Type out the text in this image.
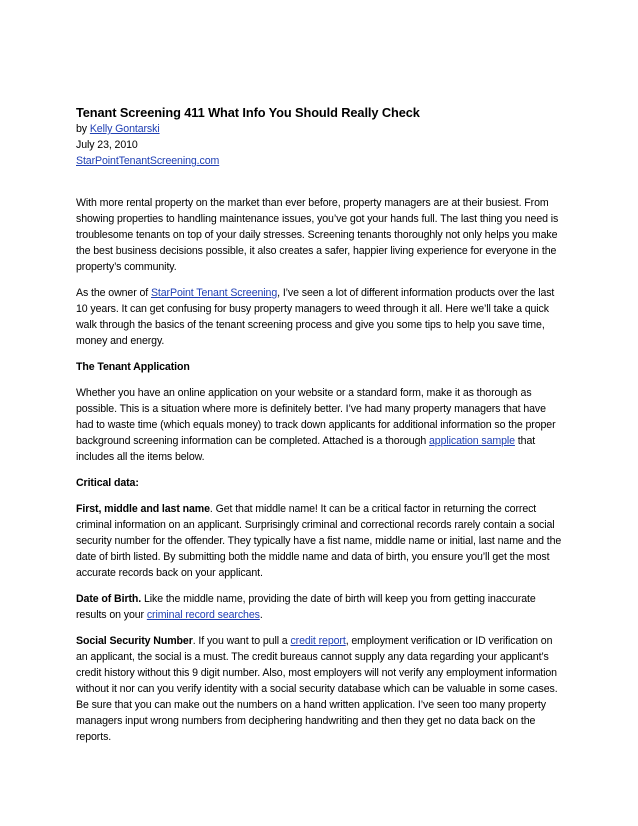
Tenant Screening 411 What Info You Should Really Check
by Kelly Gontarski
July 23, 2010
StarPointTenantScreening.com

With more rental property on the market than ever before, property managers are at their busiest. From showing properties to handling maintenance issues, you’ve got your hands full. The last thing you need is troublesome tenants on top of your daily stresses. Screening tenants thoroughly not only helps you make the best business decisions possible, it also creates a safer, happier living experience for everyone in the property’s community.

As the owner of StarPoint Tenant Screening, I’ve seen a lot of different information products over the last 10 years. It can get confusing for busy property managers to weed through it all. Here we’ll take a quick walk through the basics of the tenant screening process and give you some tips to help you save time, money and energy.

The Tenant Application

Whether you have an online application on your website or a standard form, make it as thorough as possible. This is a situation where more is definitely better. I’ve had many property managers that have had to waste time (which equals money) to track down applicants for additional information so the proper background screening information can be completed. Attached is a thorough application sample that includes all the items below.

Critical data:

First, middle and last name. Get that middle name! It can be a critical factor in returning the correct criminal information on an applicant. Surprisingly criminal and correctional records rarely contain a social security number for the offender. They typically have a fist name, middle name or initial, last name and the date of birth listed. By submitting both the middle name and data of birth, you ensure you’ll get the most accurate records back on your applicant.

Date of Birth. Like the middle name, providing the date of birth will keep you from getting inaccurate results on your criminal record searches.

Social Security Number. If you want to pull a credit report, employment verification or ID verification on an applicant, the social is a must. The credit bureaus cannot supply any data regarding your applicant’s credit history without this 9 digit number. Also, most employers will not verify any employment information without it nor can you verify identity with a social security database which can be valuable in some cases. Be sure that you can make out the numbers on a hand written application. I’ve seen too many property managers input wrong numbers from deciphering handwriting and then they get no data back on the reports.
